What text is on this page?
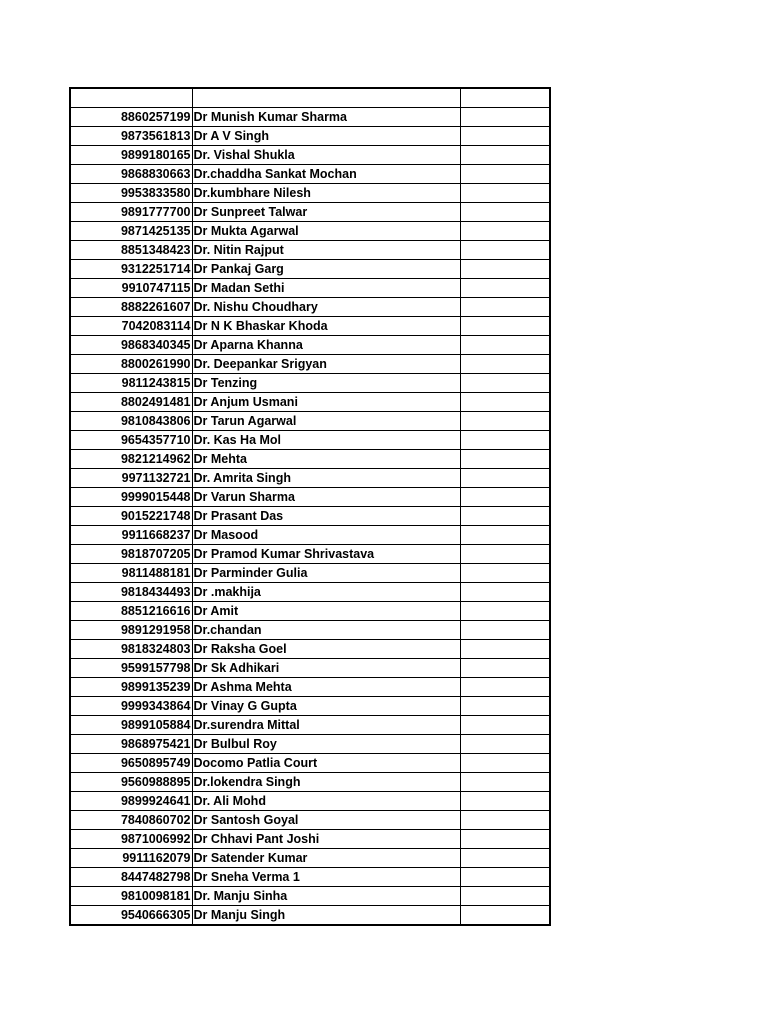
8860257199	Dr Munish Kumar Sharma	
9873561813	Dr A V Singh	
9899180165	Dr. Vishal Shukla	
9868830663	Dr.chaddha Sankat Mochan	
9953833580	Dr.kumbhare Nilesh	
9891777700	Dr Sunpreet Talwar	
9871425135	Dr Mukta Agarwal	
8851348423	Dr. Nitin Rajput	
9312251714	Dr Pankaj Garg	
9910747115	Dr Madan Sethi	
8882261607	Dr. Nishu Choudhary	
7042083114	Dr N K Bhaskar Khoda	
9868340345	Dr Aparna Khanna	
8800261990	Dr. Deepankar Srigyan	
9811243815	Dr Tenzing	
8802491481	Dr Anjum Usmani	
9810843806	Dr Tarun Agarwal	
9654357710	Dr. Kas Ha Mol	
9821214962	Dr Mehta	
9971132721	Dr. Amrita Singh	
9999015448	Dr Varun Sharma	
9015221748	Dr Prasant Das	
9911668237	Dr Masood	
9818707205	Dr Pramod Kumar Shrivastava	
9811488181	Dr Parminder Gulia	
9818434493	Dr .makhija	
8851216616	Dr Amit	
9891291958	Dr.chandan	
9818324803	Dr Raksha Goel	
9599157798	Dr Sk Adhikari	
9899135239	Dr Ashma Mehta	
9999343864	Dr Vinay G Gupta	
9899105884	Dr.surendra Mittal	
9868975421	Dr Bulbul Roy	
9650895749	Docomo Patlia Court	
9560988895	Dr.lokendra Singh	
9899924641	Dr. Ali Mohd	
7840860702	Dr Santosh Goyal	
9871006992	Dr Chhavi Pant Joshi	
9911162079	Dr Satender Kumar	
8447482798	Dr Sneha Verma 1	
9810098181	Dr. Manju Sinha	
9540666305	Dr Manju Singh	
